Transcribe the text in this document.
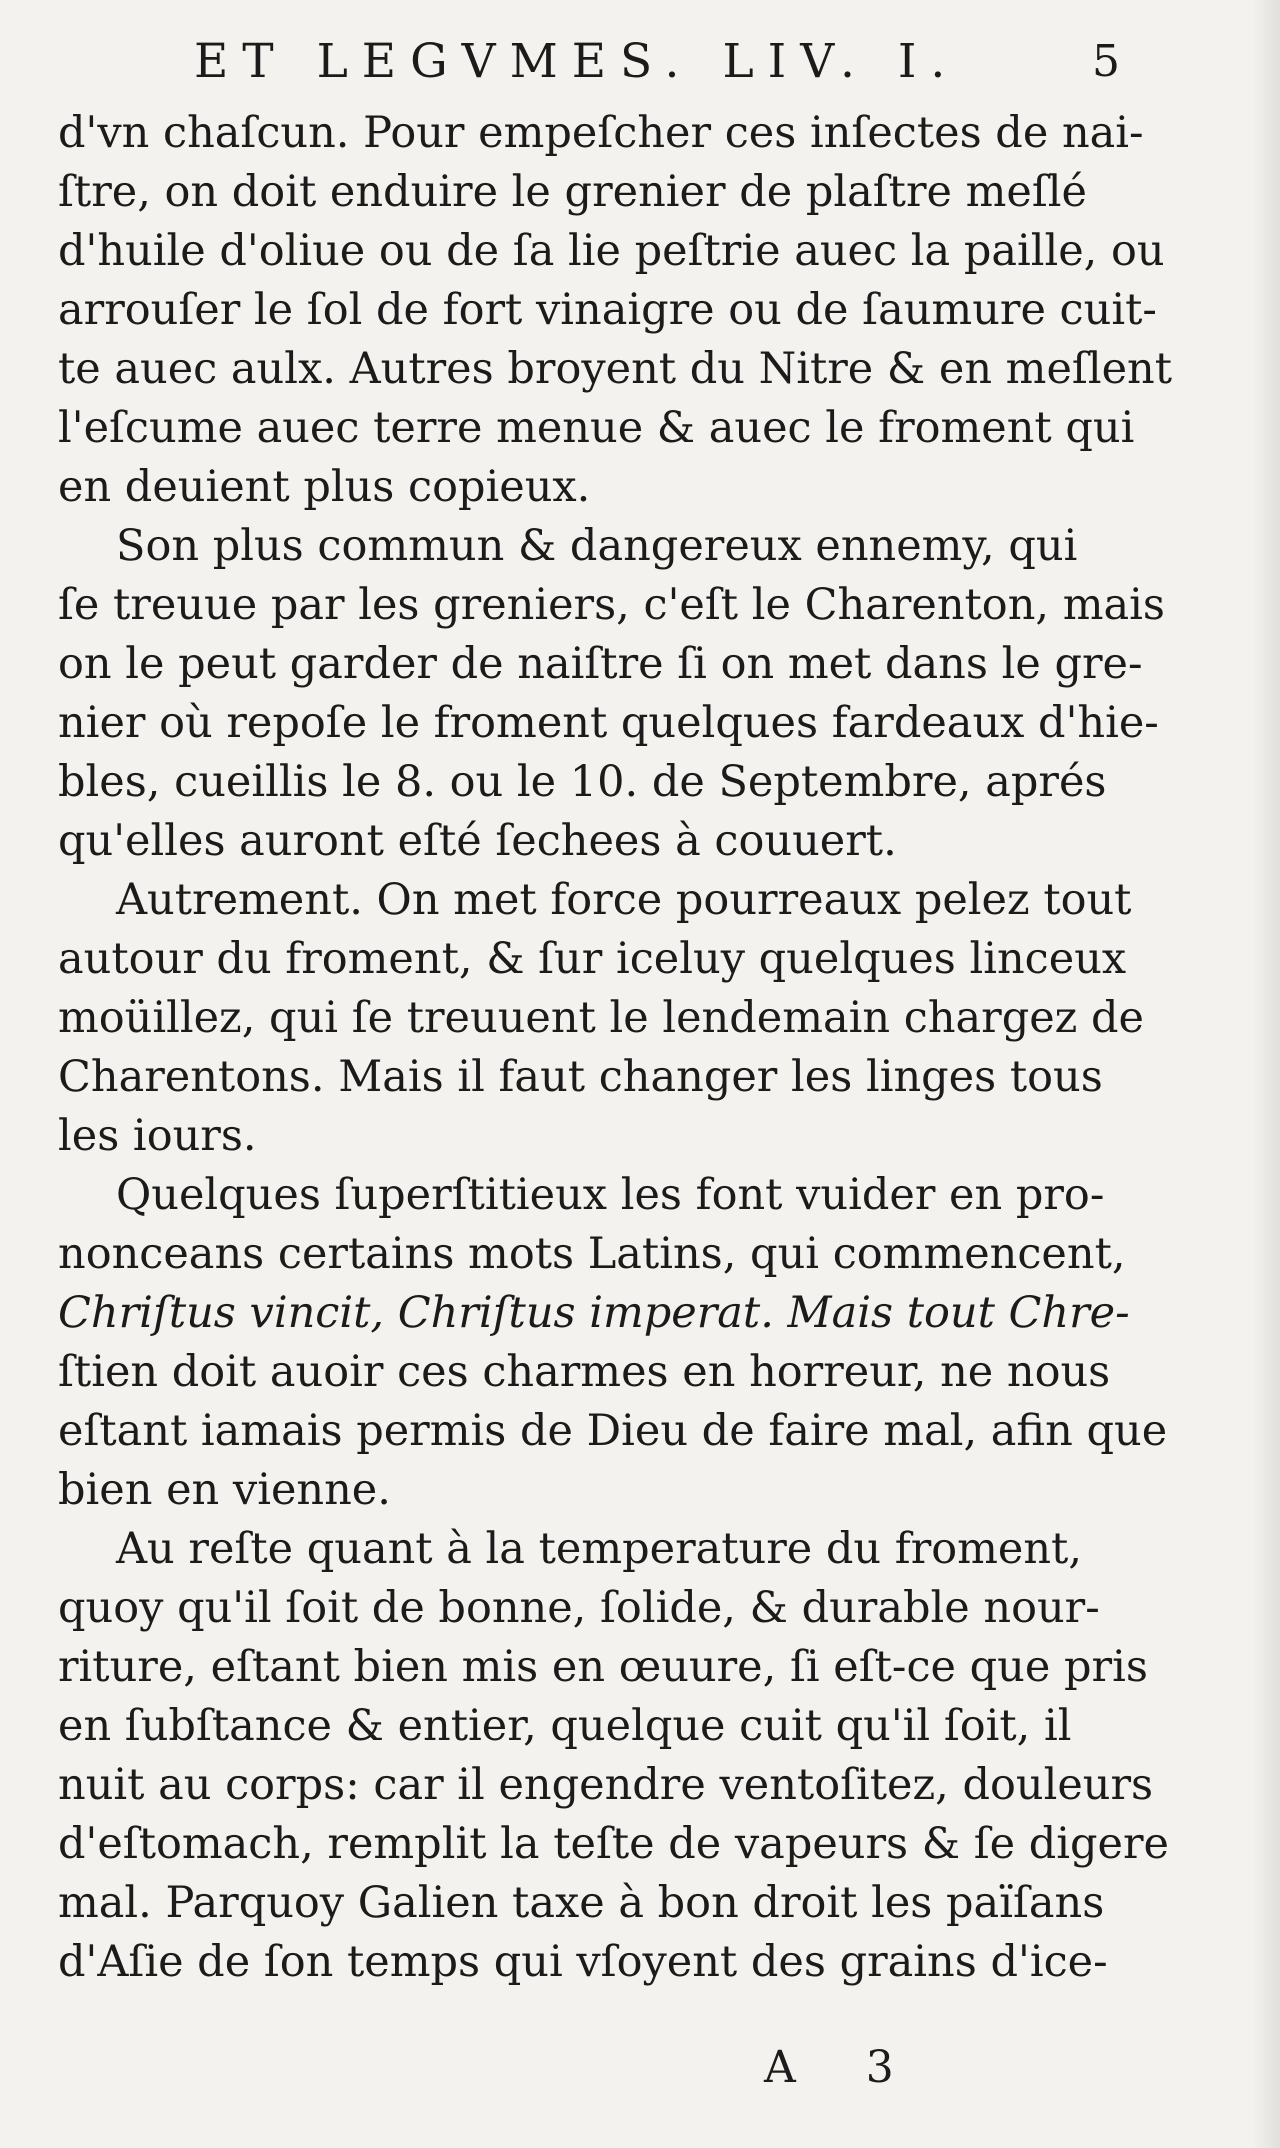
ET LEGVMES. LIV. I.	5
d'vn chaſcun. Pour empeſcher ces inſectes de nai-
ſtre, on doit enduire le grenier de plaſtre meſlé
d'huile d'oliue ou de ſa lie peſtrie auec la paille, ou
arrouſer le ſol de fort vinaigre ou de ſaumure cuit-
te auec aulx. Autres broyent du Nitre & en meſlent
l'eſcume auec terre menue & auec le froment qui
en deuient plus copieux.
Son plus commun & dangereux ennemy, qui
ſe treuue par les greniers, c'eſt le Charenton, mais
on le peut garder de naiſtre ſi on met dans le gre-
nier où repoſe le froment quelques fardeaux d'hie-
bles, cueillis le 8. ou le 10. de Septembre, aprés
qu'elles auront eſté ſechees à couuert.
Autrement. On met force pourreaux pelez tout
autour du froment, & ſur iceluy quelques linceux
moüillez, qui ſe treuuent le lendemain chargez de
Charentons. Mais il faut changer les linges tous
les iours.
Quelques ſuperſtitieux les font vuider en pro-
nonceans certains mots Latins, qui commencent,
Chriſtus vincit, Chriſtus imperat. Mais tout Chre-
ſtien doit auoir ces charmes en horreur, ne nous
eſtant iamais permis de Dieu de faire mal, afin que
bien en vienne.
Au reſte quant à la temperature du froment,
quoy qu'il ſoit de bonne, ſolide, & durable nour-
riture, eſtant bien mis en œuure, ſi eſt-ce que pris
en ſubſtance & entier, quelque cuit qu'il ſoit, il
nuit au corps: car il engendre ventoſitez, douleurs
d'eſtomach, remplit la teſte de vapeurs & ſe digere
mal. Parquoy Galien taxe à bon droit les païſans
d'Aſie de ſon temps qui vſoyent des grains d'ice-
A 3
